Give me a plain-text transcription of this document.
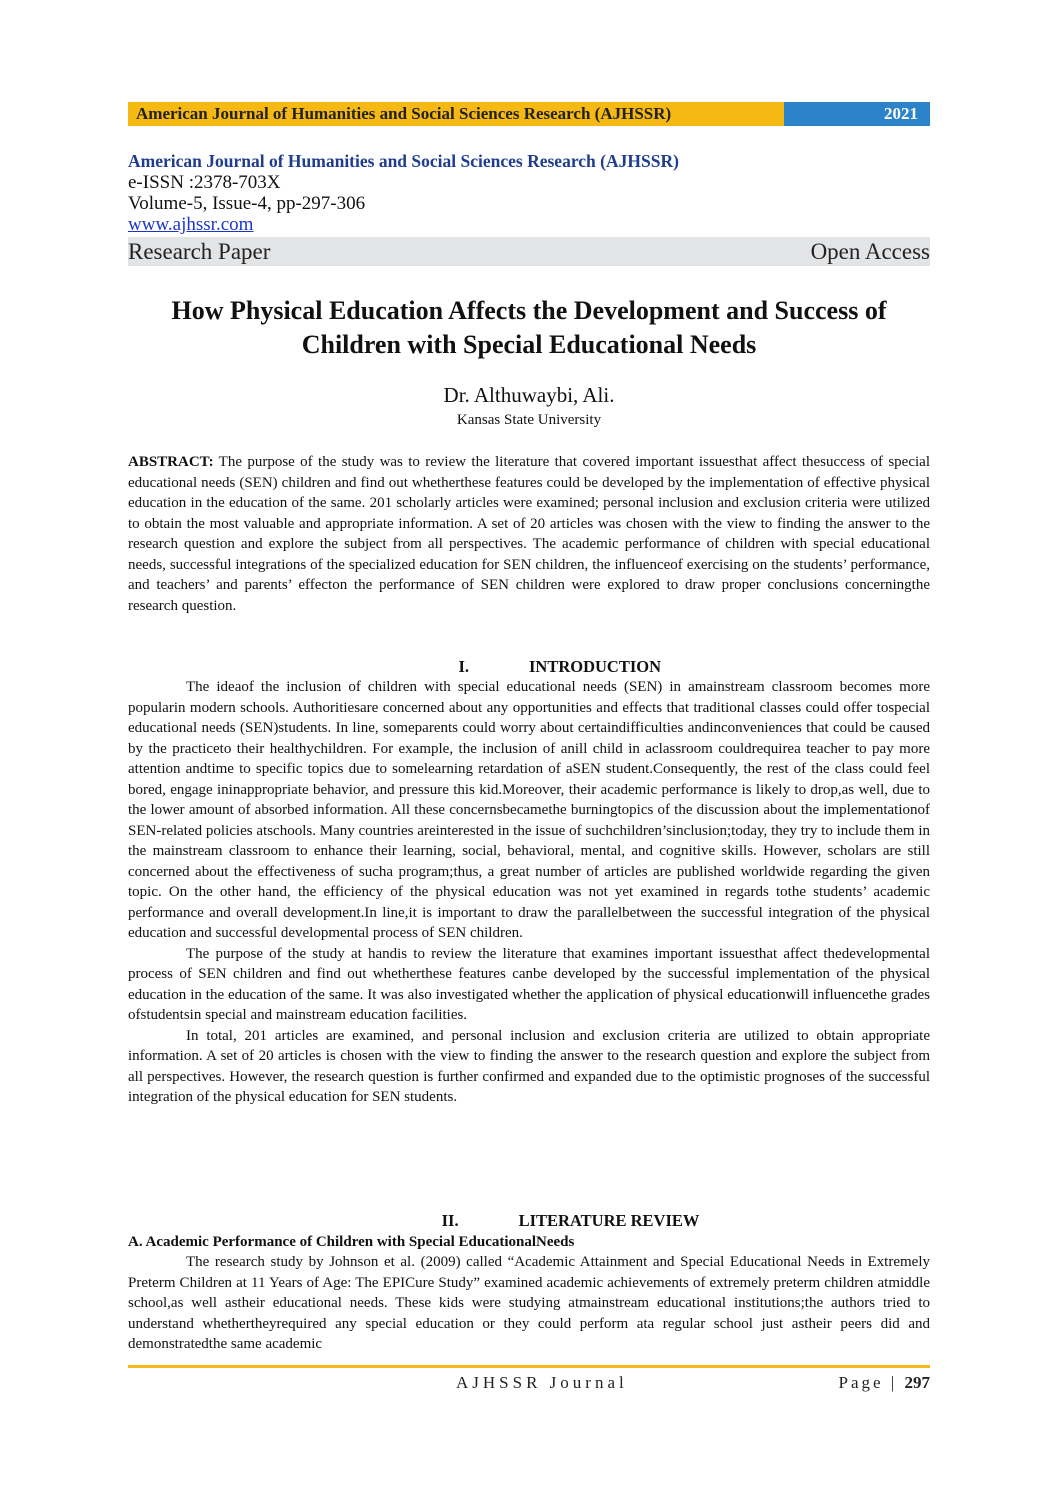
American Journal of Humanities and Social Sciences Research (AJHSSR)	2021
American Journal of Humanities and Social Sciences Research (AJHSSR)
e-ISSN :2378-703X
Volume-5, Issue-4, pp-297-306
www.ajhssr.com
Research Paper	Open Access
How Physical Education Affects the Development and Success of
Children with Special Educational Needs
Dr. Althuwaybi, Ali.
Kansas State University
ABSTRACT: The purpose of the study was to review the literature that covered important issuesthat affect thesuccess of special educational needs (SEN) children and find out whetherthese features could be developed by the implementation of effective physical education in the education of the same. 201 scholarly articles were examined; personal inclusion and exclusion criteria were utilized to obtain the most valuable and appropriate information. A set of 20 articles was chosen with the view to finding the answer to the research question and explore the subject from all perspectives. The academic performance of children with special educational needs, successful integrations of the specialized education for SEN children, the influenceof exercising on the students’ performance, and teachers’ and parents’ effecton the performance of SEN children were explored to draw proper conclusions concerningthe research question.
I.	INTRODUCTION

The ideaof the inclusion of children with special educational needs (SEN) in amainstream classroom becomes more popularin modern schools. Authoritiesare concerned about any opportunities and effects that traditional classes could offer tospecial educational needs (SEN)students. In line, someparents could worry about certaindifficulties andinconveniences that could be caused by the practiceto their healthychildren. For example, the inclusion of anill child in aclassroom couldrequirea teacher to pay more attention andtime to specific topics due to somelearning retardation of aSEN student.Consequently, the rest of the class could feel bored, engage ininappropriate behavior, and pressure this kid.Moreover, their academic performance is likely to drop,as well, due to the lower amount of absorbed information. All these concernsbecamethe burningtopics of the discussion about the implementationof SEN-related policies atschools. Many countries areinterested in the issue of suchchildren’sinclusion;today, they try to include them in the mainstream classroom to enhance their learning, social, behavioral, mental, and cognitive skills. However, scholars are still concerned about the effectiveness of sucha program;thus, a great number of articles are published worldwide regarding the given topic. On the other hand, the efficiency of the physical education was not yet examined in regards tothe students’ academic performance and overall development.In line,it is important to draw the parallelbetween the successful integration of the physical education and successful developmental process of SEN children.

The purpose of the study at handis to review the literature that examines important issuesthat affect thedevelopmental process of SEN children and find out whetherthese features canbe developed by the successful implementation of the physical education in the education of the same. It was also investigated whether the application of physical educationwill influencethe grades ofstudentsin special and mainstream education facilities.

In total, 201 articles are examined, and personal inclusion and exclusion criteria are utilized to obtain appropriate information. A set of 20 articles is chosen with the view to finding the answer to the research question and explore the subject from all perspectives. However, the research question is further confirmed and expanded due to the optimistic prognoses of the successful integration of the physical education for SEN students.

II.	LITERATURE REVIEW
A. Academic Performance of Children with Special EducationalNeeds

The research study by Johnson et al. (2009) called “Academic Attainment and Special Educational Needs in Extremely Preterm Children at 11 Years of Age: The EPICure Study” examined academic achievements of extremely preterm children atmiddle school,as well astheir educational needs. These kids were studying atmainstream educational institutions;the authors tried to understand whethertheyrequired any special education or they could perform ata regular school just astheir peers did and demonstratedthe same academic

AJHSSR Journal	Page | 297
